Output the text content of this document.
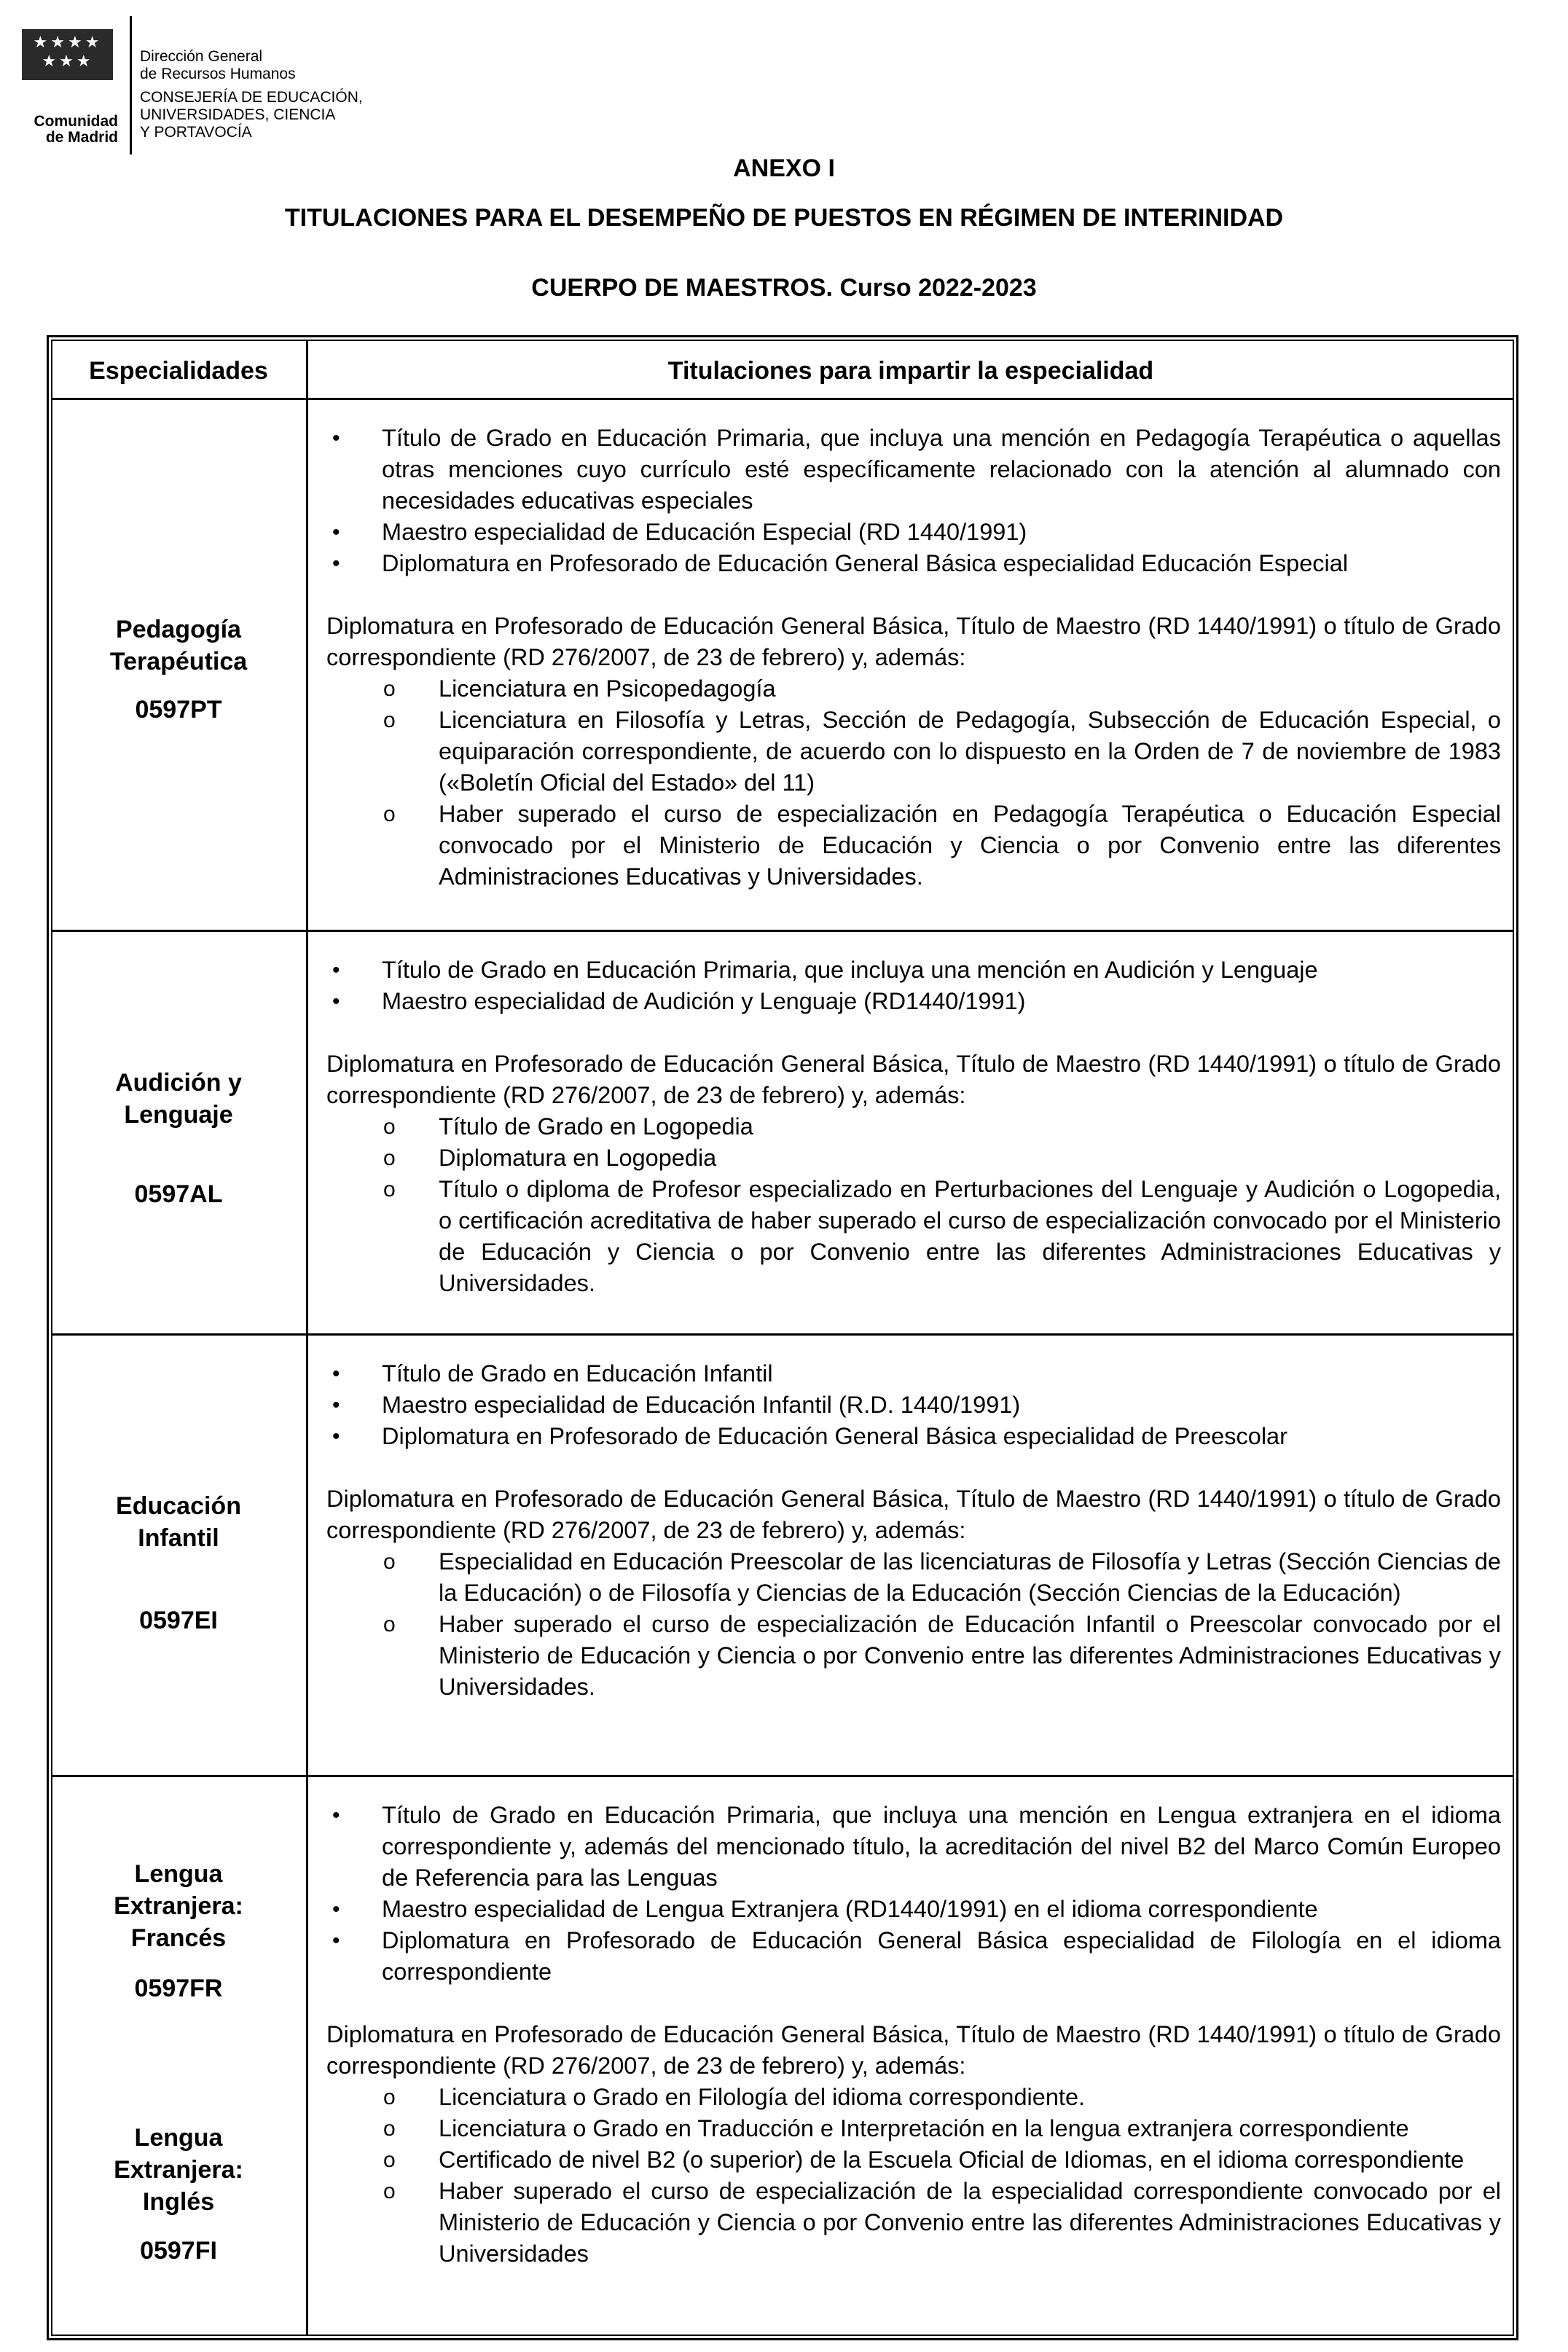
★★★★ ★★★
Comunidad
de Madrid
Dirección General
de Recursos Humanos
CONSEJERÍA DE EDUCACIÓN,
UNIVERSIDADES, CIENCIA
Y PORTAVOCÍA
ANEXO I
TITULACIONES PARA EL DESEMPEÑO DE PUESTOS EN RÉGIMEN DE INTERINIDAD
CUERPO DE MAESTROS. Curso 2022-2023
Especialidades	Titulaciones para impartir la especialidad
Pedagogía
Terapéutica
0597PT
• Título de Grado en Educación Primaria, que incluya una mención en Pedagogía Terapéutica o aquellas otras menciones cuyo currículo esté específicamente relacionado con la atención al alumnado con necesidades educativas especiales
• Maestro especialidad de Educación Especial (RD 1440/1991)
• Diplomatura en Profesorado de Educación General Básica especialidad Educación Especial
Diplomatura en Profesorado de Educación General Básica, Título de Maestro (RD 1440/1991) o título de Grado correspondiente (RD 276/2007, de 23 de febrero) y, además:
o Licenciatura en Psicopedagogía
o Licenciatura en Filosofía y Letras, Sección de Pedagogía, Subsección de Educación Especial, o equiparación correspondiente, de acuerdo con lo dispuesto en la Orden de 7 de noviembre de 1983 («Boletín Oficial del Estado» del 11)
o Haber superado el curso de especialización en Pedagogía Terapéutica o Educación Especial convocado por el Ministerio de Educación y Ciencia o por Convenio entre las diferentes Administraciones Educativas y Universidades.
Audición y
Lenguaje
0597AL
• Título de Grado en Educación Primaria, que incluya una mención en Audición y Lenguaje
• Maestro especialidad de Audición y Lenguaje (RD1440/1991)
Diplomatura en Profesorado de Educación General Básica, Título de Maestro (RD 1440/1991) o título de Grado correspondiente (RD 276/2007, de 23 de febrero) y, además:
o Título de Grado en Logopedia
o Diplomatura en Logopedia
o Título o diploma de Profesor especializado en Perturbaciones del Lenguaje y Audición o Logopedia, o certificación acreditativa de haber superado el curso de especialización convocado por el Ministerio de Educación y Ciencia o por Convenio entre las diferentes Administraciones Educativas y Universidades.
Educación
Infantil
0597EI
• Título de Grado en Educación Infantil
• Maestro especialidad de Educación Infantil (R.D. 1440/1991)
• Diplomatura en Profesorado de Educación General Básica especialidad de Preescolar
Diplomatura en Profesorado de Educación General Básica, Título de Maestro (RD 1440/1991) o título de Grado correspondiente (RD 276/2007, de 23 de febrero) y, además:
o Especialidad en Educación Preescolar de las licenciaturas de Filosofía y Letras (Sección Ciencias de la Educación) o de Filosofía y Ciencias de la Educación (Sección Ciencias de la Educación)
o Haber superado el curso de especialización de Educación Infantil o Preescolar convocado por el Ministerio de Educación y Ciencia o por Convenio entre las diferentes Administraciones Educativas y Universidades.
Lengua
Extranjera:
Francés
0597FR
Lengua
Extranjera:
Inglés
0597FI
• Título de Grado en Educación Primaria, que incluya una mención en Lengua extranjera en el idioma correspondiente y, además del mencionado título, la acreditación del nivel B2 del Marco Común Europeo de Referencia para las Lenguas
• Maestro especialidad de Lengua Extranjera (RD1440/1991) en el idioma correspondiente
• Diplomatura en Profesorado de Educación General Básica especialidad de Filología en el idioma correspondiente
Diplomatura en Profesorado de Educación General Básica, Título de Maestro (RD 1440/1991) o título de Grado correspondiente (RD 276/2007, de 23 de febrero) y, además:
o Licenciatura o Grado en Filología del idioma correspondiente.
o Licenciatura o Grado en Traducción e Interpretación en la lengua extranjera correspondiente
o Certificado de nivel B2 (o superior) de la Escuela Oficial de Idiomas, en el idioma correspondiente
o Haber superado el curso de especialización de la especialidad correspondiente convocado por el Ministerio de Educación y Ciencia o por Convenio entre las diferentes Administraciones Educativas y Universidades
